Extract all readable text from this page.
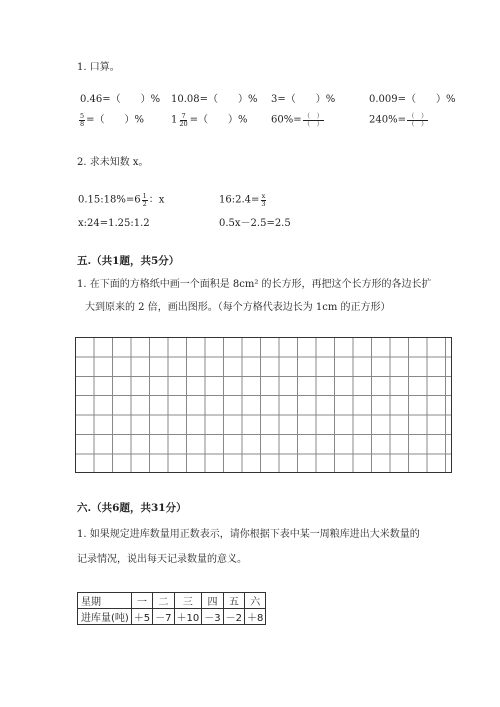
1. 口算。
0.46=（　　）% 10.08=（　　）% 3=（　　）%	0.009=（　　）%
$\frac{5}{8}$ =（　　）%	$1 \frac{7}{20}$ =（　　）% $60\%= \frac{( )}{( )}$	$240\%= \frac{( )}{( )}$
2. 求未知数 x。
0.15:18%=6 $\frac{1}{2}$ ：x	16:2.4= $\frac{x}{3}$
x:24=1.25:1.2	0.5x－2.5=2.5
五.（共1题，共5分）
1. 在下面的方格纸中画一个面积是 8cm² 的长方形，再把这个长方形的各边长扩
大到原来的 2 倍，画出图形。（每个方格代表边长为 1cm 的正方形）
六.（共6题，共31分）
1. 如果规定进库数量用正数表示，请你根据下表中某一周粮库进出大米数量的
记录情况，说出每天记录数量的意义。
星期	一	二	三	四	五	六
进库量(吨)	＋5	－7	＋10	－3	－2	＋8
